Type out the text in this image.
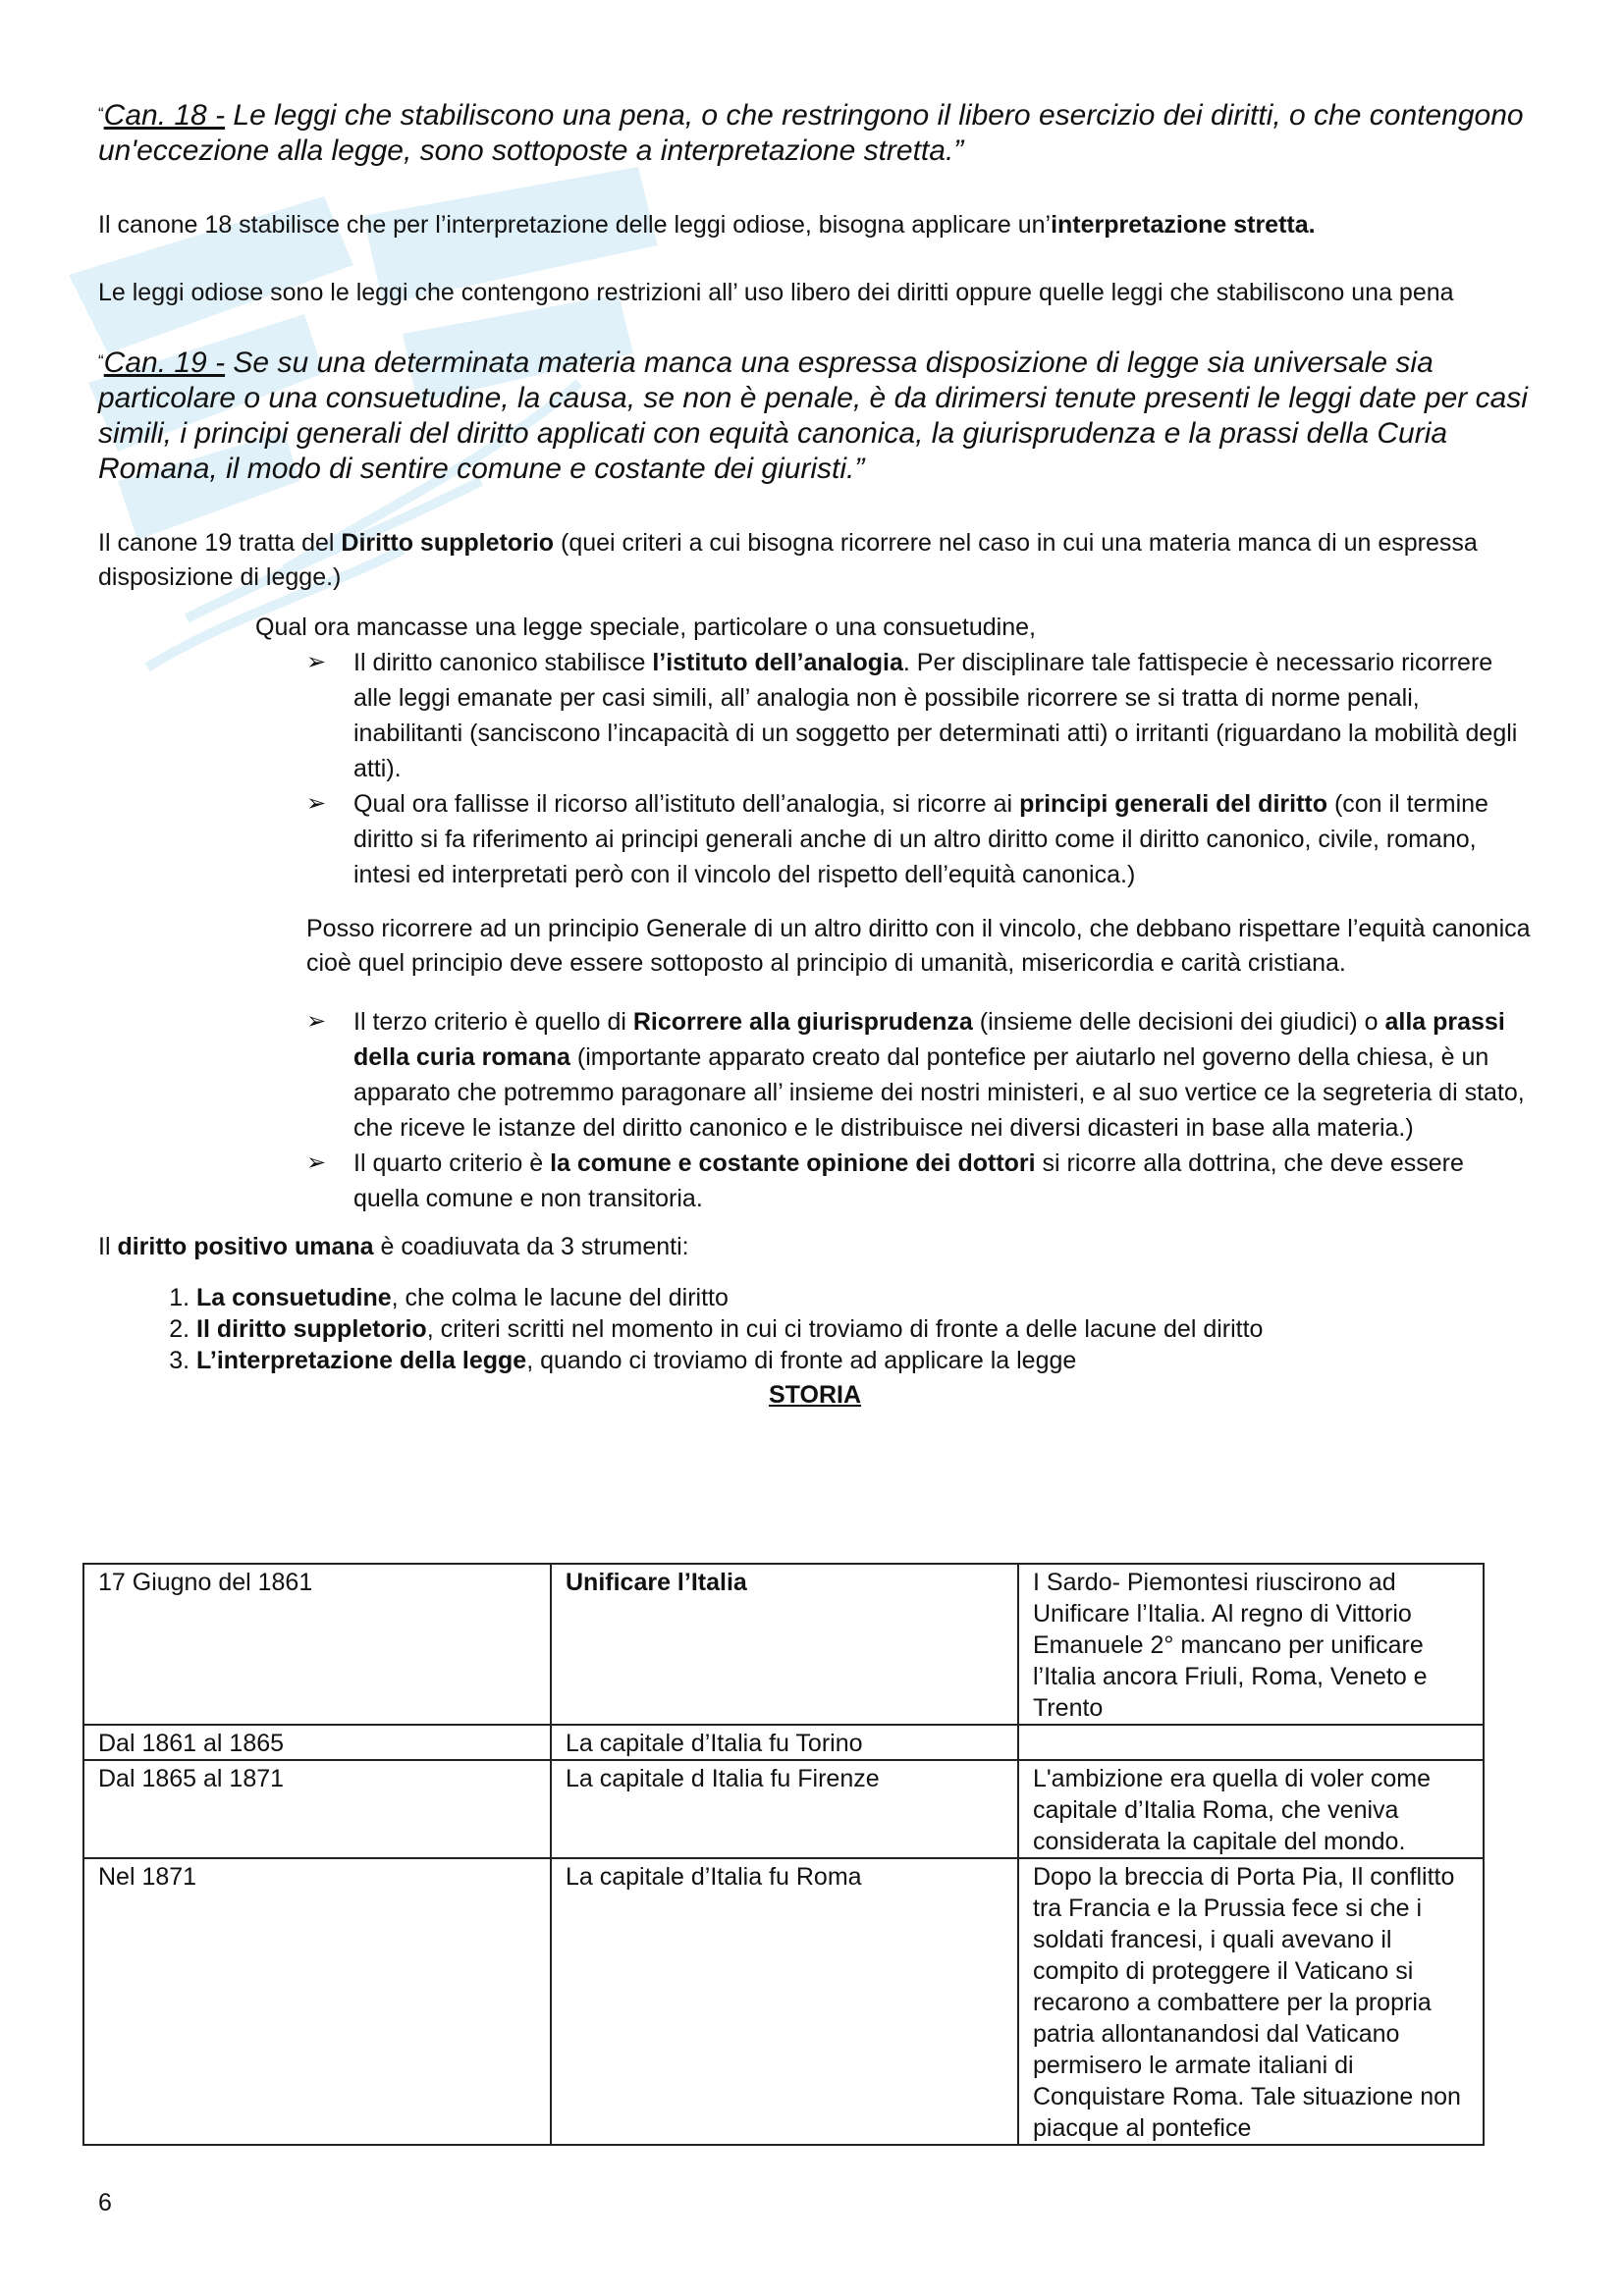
“Can. 18 - Le leggi che stabiliscono una pena, o che restringono il libero esercizio dei diritti, o che contengono un'eccezione alla legge, sono sottoposte a interpretazione stretta.”

Il canone 18 stabilisce che per l’interpretazione delle leggi odiose, bisogna applicare un’interpretazione stretta.

Le leggi odiose sono le leggi che contengono restrizioni all’ uso libero dei diritti oppure quelle leggi che stabiliscono una pena

“Can. 19 - Se su una determinata materia manca una espressa disposizione di legge sia universale sia particolare o una consuetudine, la causa, se non è penale, è da dirimersi tenute presenti le leggi date per casi simili, i principi generali del diritto applicati con equità canonica, la giurisprudenza e la prassi della Curia Romana, il modo di sentire comune e costante dei giuristi.”

Il canone 19 tratta del Diritto suppletorio (quei criteri a cui bisogna ricorrere nel caso in cui una materia manca di un espressa disposizione di legge.)

Qual ora mancasse una legge speciale, particolare o una consuetudine,
➢ Il diritto canonico stabilisce l’istituto dell’analogia. Per disciplinare tale fattispecie è necessario ricorrere alle leggi emanate per casi simili, all’ analogia non è possibile ricorrere se si tratta di norme penali, inabilitanti (sanciscono l’incapacità di un soggetto per determinati atti) o irritanti (riguardano la mobilità degli atti).
➢ Qual ora fallisse il ricorso all’istituto dell’analogia, si ricorre ai principi generali del diritto (con il termine diritto si fa riferimento ai principi generali anche di un altro diritto come il diritto canonico, civile, romano, intesi ed interpretati però con il vincolo del rispetto dell’equità canonica.)

Posso ricorrere ad un principio Generale di un altro diritto con il vincolo, che debbano rispettare l’equità canonica cioè quel principio deve essere sottoposto al principio di umanità, misericordia e carità cristiana.

➢ Il terzo criterio è quello di Ricorrere alla giurisprudenza (insieme delle decisioni dei giudici) o alla prassi della curia romana (importante apparato creato dal pontefice per aiutarlo nel governo della chiesa, è un apparato che potremmo paragonare all’ insieme dei nostri ministeri, e al suo vertice ce la segreteria di stato, che riceve le istanze del diritto canonico e le distribuisce nei diversi dicasteri in base alla materia.)
➢ Il quarto criterio è la comune e costante opinione dei dottori si ricorre alla dottrina, che deve essere quella comune e non transitoria.

Il diritto positivo umana è coadiuvata da 3 strumenti:

1. La consuetudine, che colma le lacune del diritto
2. Il diritto suppletorio, criteri scritti nel momento in cui ci troviamo di fronte a delle lacune del diritto
3. L’interpretazione della legge, quando ci troviamo di fronte ad applicare la legge
STORIA
17 Giugno del 1861	Unificare l’Italia	I Sardo- Piemontesi riuscirono ad Unificare l’Italia. Al regno di Vittorio Emanuele 2° mancano per unificare l’Italia ancora Friuli, Roma, Veneto e Trento
Dal 1861 al 1865	La capitale d’Italia fu Torino	
Dal 1865 al 1871	La capitale d Italia fu Firenze	L'ambizione era quella di voler come capitale d’Italia Roma, che veniva considerata la capitale del mondo.
Nel 1871	La capitale d’Italia fu Roma	Dopo la breccia di Porta Pia, Il conflitto tra Francia e la Prussia fece si che i soldati francesi, i quali avevano il compito di proteggere il Vaticano si recarono a combattere per la propria patria allontanandosi dal Vaticano permisero le armate italiani di Conquistare Roma. Tale situazione non piacque al pontefice
6
